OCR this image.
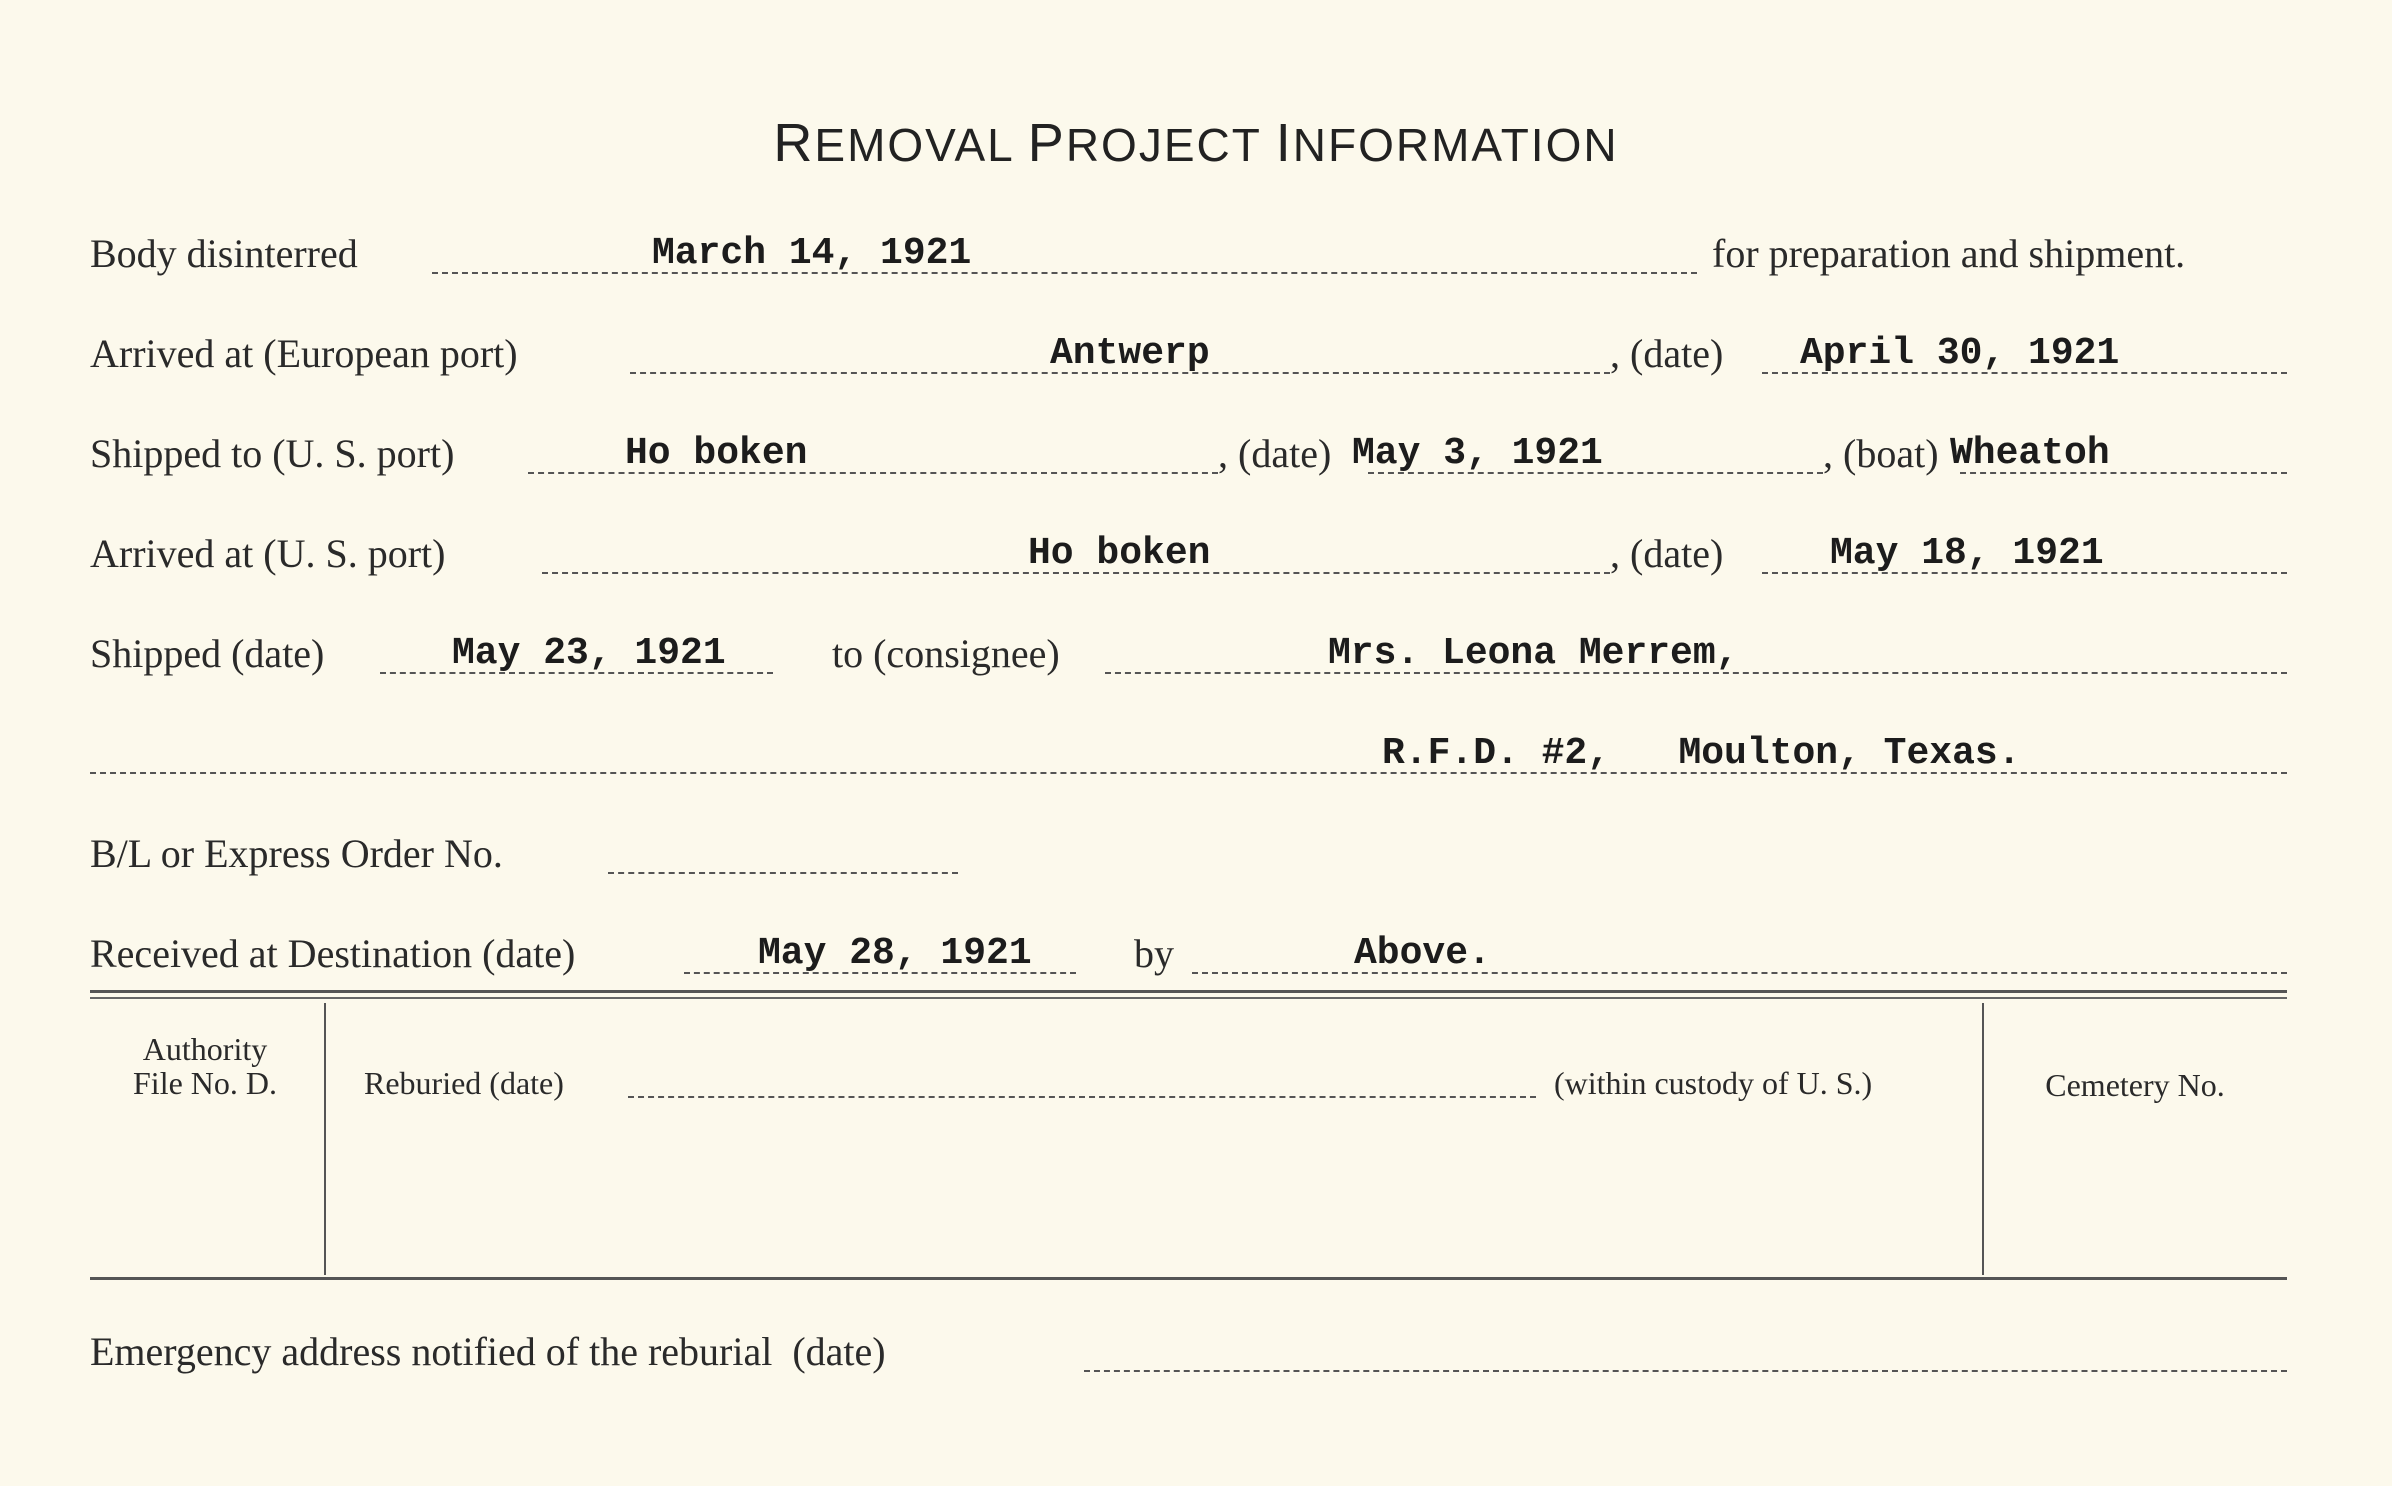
REMOVAL PROJECT INFORMATION
Body disinterred	March 14, 1921	for preparation and shipment.
Arrived at (European port)	Antwerp	, (date) April 30, 1921
Shipped to (U. S. port)	Ho boken	, (date) May 3, 1921	, (boat) Wheatoh
Arrived at (U. S. port)	Ho boken	, (date)	May 18, 1921
Shipped (date)	May 23, 1921	to (consignee)	Mrs. Leona Merrem,
R.F.D. #2,   Moulton, Texas.
B/L or Express Order No.
Received at Destination (date)	May 28, 1921	by	Above.
Authority
File No. D.	Reburied (date)	(within custody of U. S.)	Cemetery No.
Emergency address notified of the reburial  (date)
